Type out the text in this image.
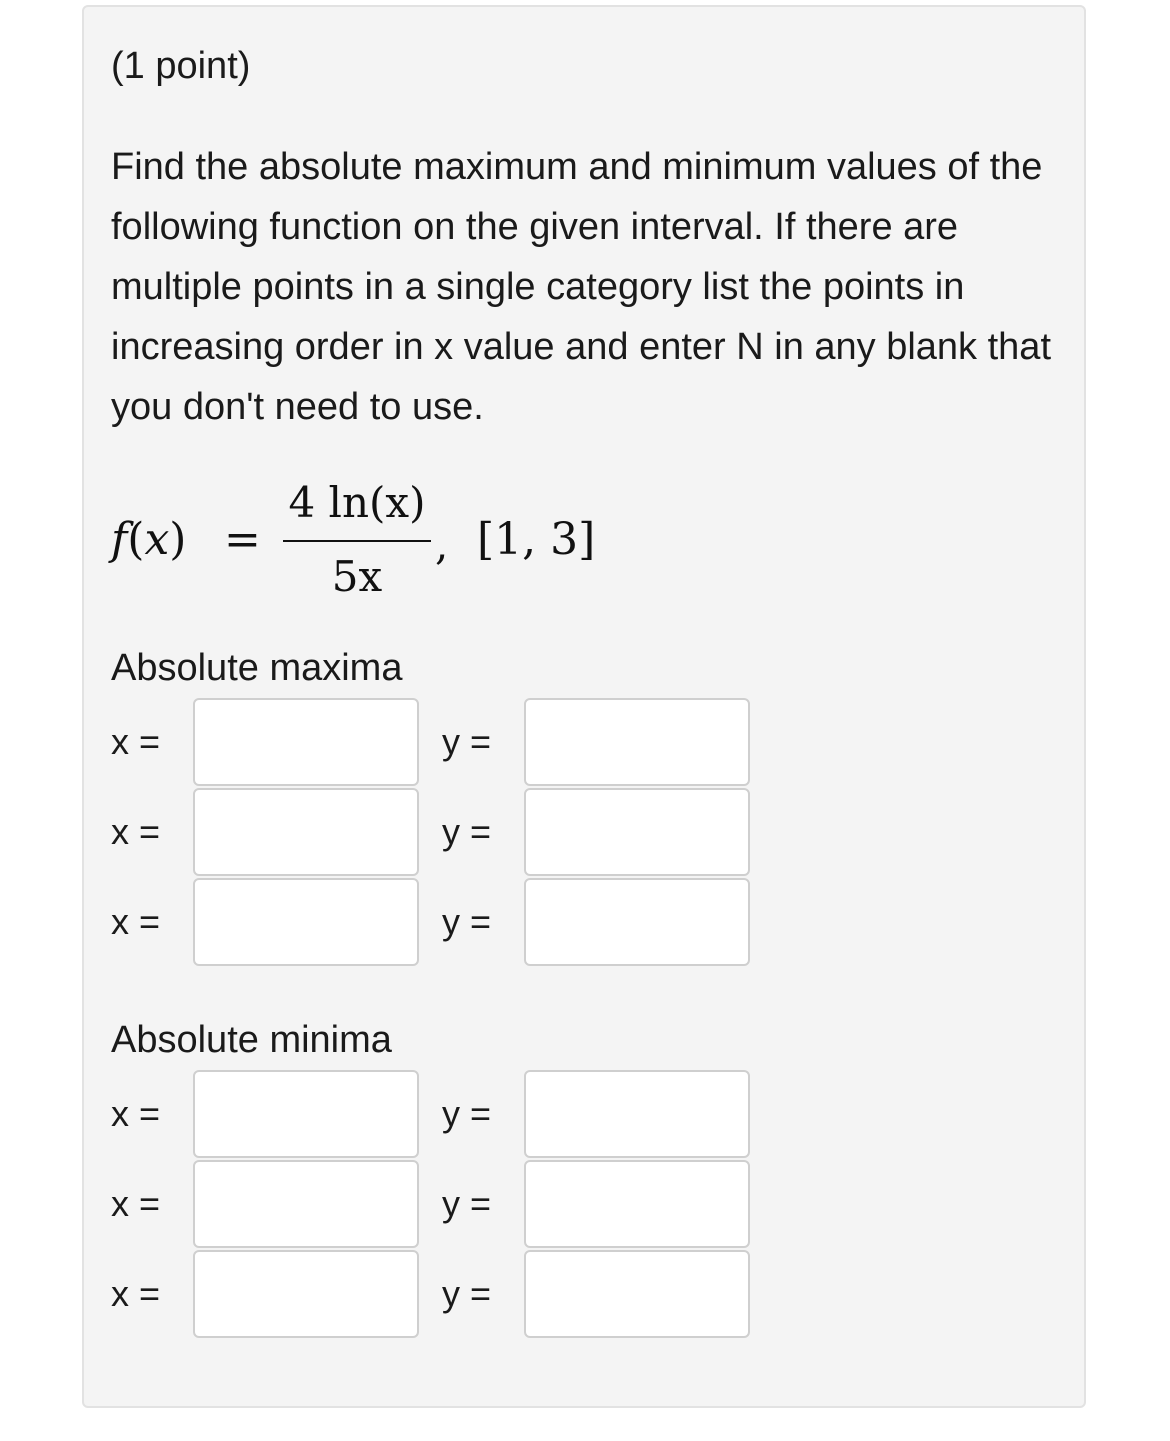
(1 point)

Find the absolute maximum and minimum values of the following function on the given interval. If there are multiple points in a single category list the points in increasing order in x value and enter N in any blank that you don't need to use.

f(x) =
4 ln(x)
5x
, [1, 3]
Absolute maxima
x =	y =
x =	y =
x =	y =
Absolute minima
x =	y =
x =	y =
x =	y =
